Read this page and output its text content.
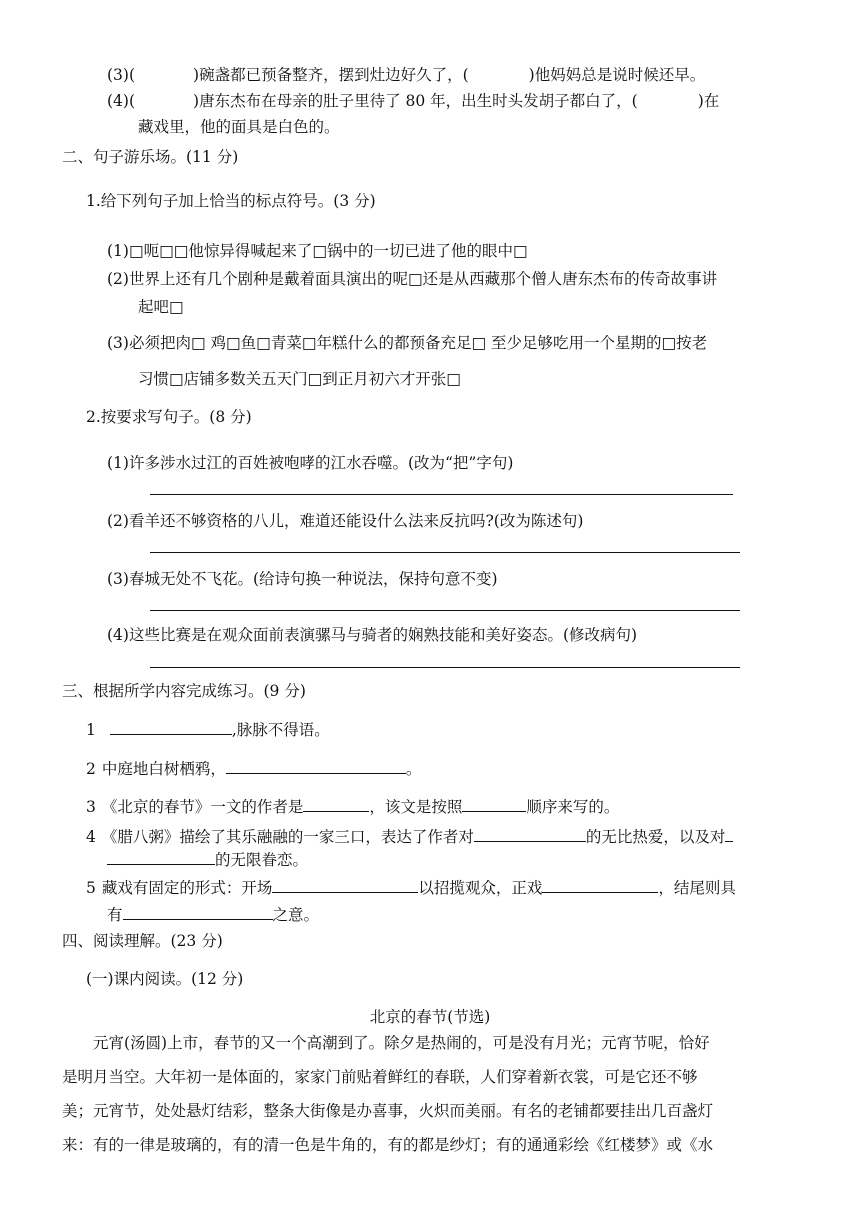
(3)(	)碗盏都已预备整齐，摆到灶边好久了，(	)他妈妈总是说时候还早。
(4)(	)唐东杰布在母亲的肚子里待了 80 年，出生时头发胡子都白了，(	)在
藏戏里，他的面具是白色的。
二、句子游乐场。(11 分)
1.给下列句子加上恰当的标点符号。(3 分)
(1)□呃□□他惊异得喊起来了□锅中的一切已进了他的眼中□
(2)世界上还有几个剧种是戴着面具演出的呢□还是从西藏那个僧人唐东杰布的传奇故事讲
起吧□
(3)必须把肉□ 鸡□鱼□青菜□年糕什么的都预备充足□ 至少足够吃用一个星期的□按老
习惯□店铺多数关五天门□到正月初六才开张□
2.按要求写句子。(8 分)
(1)许多涉水过江的百姓被咆哮的江水吞噬。(改为“把”字句)
(2)看羊还不够资格的八儿，难道还能设什么法来反抗吗?(改为陈述句)
(3)春城无处不飞花。(给诗句换一种说法，保持句意不变)
(4)这些比赛是在观众面前表演骡马与骑者的娴熟技能和美好姿态。(修改病句)
三、根据所学内容完成练习。(9 分)
1	,脉脉不得语。
2 中庭地白树栖鸦，	。
3 《北京的春节》一文的作者是	，该文是按照	顺序来写的。
4 《腊八粥》描绘了其乐融融的一家三口，表达了作者对	的无比热爱，以及对
的无限眷恋。
5 藏戏有固定的形式：开场	以招揽观众，正戏	，结尾则具
有	之意。
四、阅读理解。(23 分)
(一)课内阅读。(12 分)
北京的春节(节选)
元宵(汤圆)上市，春节的又一个高潮到了。除夕是热闹的，可是没有月光；元宵节呢，恰好
是明月当空。大年初一是体面的，家家门前贴着鲜红的春联，人们穿着新衣裳，可是它还不够
美；元宵节，处处悬灯结彩，整条大街像是办喜事，火炽而美丽。有名的老铺都要挂出几百盏灯
来：有的一律是玻璃的，有的清一色是牛角的，有的都是纱灯；有的通通彩绘《红楼梦》或《水
